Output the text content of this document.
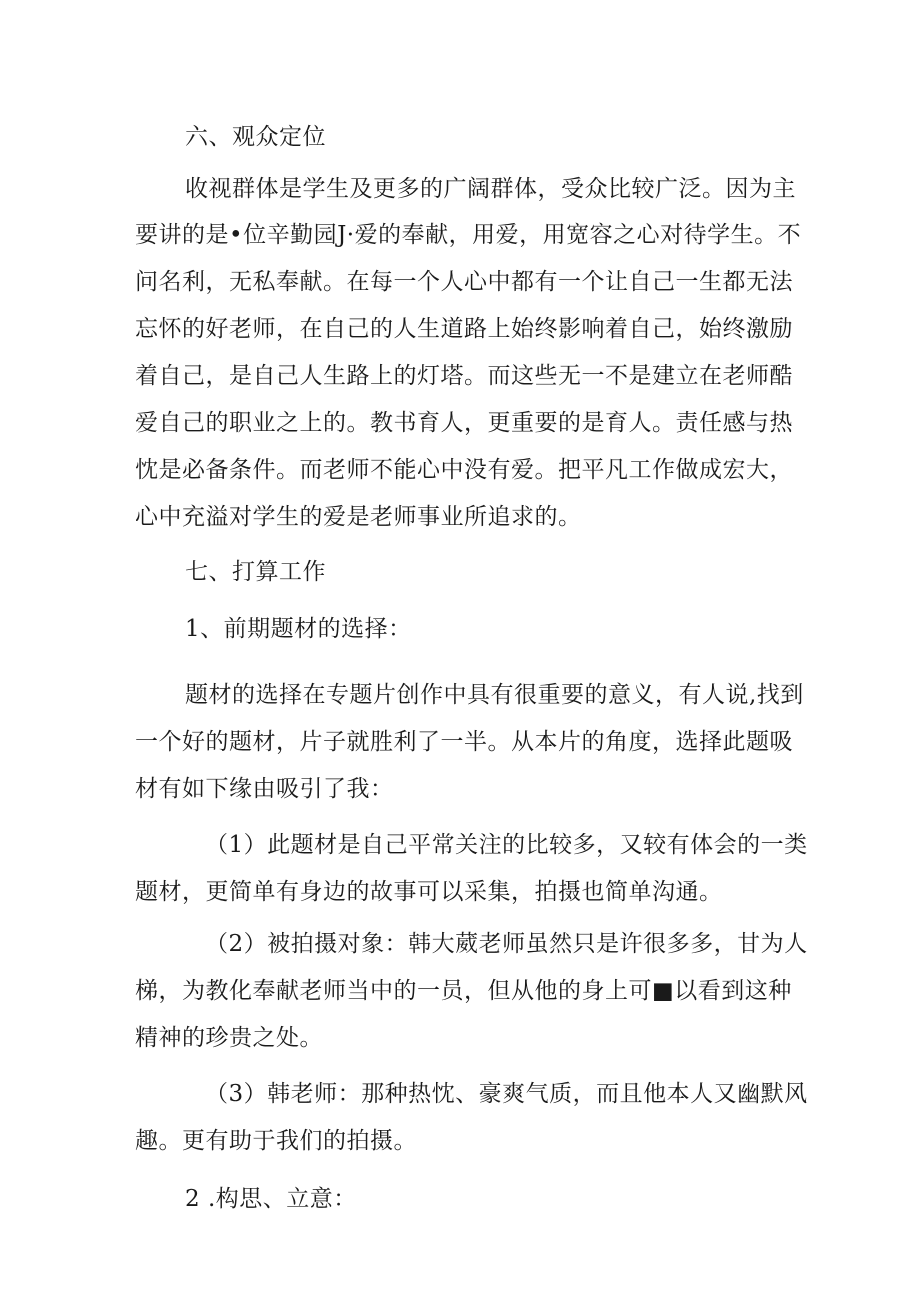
六、观众定位
收视群体是学生及更多的广阔群体，受众比较广泛。因为主
要讲的是•位辛勤园J·爱的奉献，用爱，用宽容之心对待学生。不
问名利，无私奉献。在每一个人心中都有一个让自己一生都无法
忘怀的好老师，在自己的人生道路上始终影响着自己，始终激励
着自己，是自己人生路上的灯塔。而这些无一不是建立在老师酷
爱自己的职业之上的。教书育人，更重要的是育人。责任感与热
忱是必备条件。而老师不能心中没有爱。把平凡工作做成宏大，
心中充溢对学生的爱是老师事业所追求的。
七、打算工作
1、前期题材的选择：
题材的选择在专题片创作中具有很重要的意义，有人说,找到
一个好的题材，片子就胜利了一半。从本片的角度，选择此题吸
材有如下缘由吸引了我：
（1）此题材是自己平常关注的比较多，又较有体会的一类
题材，更简单有身边的故事可以采集，拍摄也简单沟通。
（2）被拍摄对象：韩大葳老师虽然只是许很多多，甘为人
梯，为教化奉献老师当中的一员，但从他的身上可■以看到这种
精神的珍贵之处。
（3）韩老师：那种热忱、豪爽气质，而且他本人又幽默风
趣。更有助于我们的拍摄。
2 .构思、立意：
